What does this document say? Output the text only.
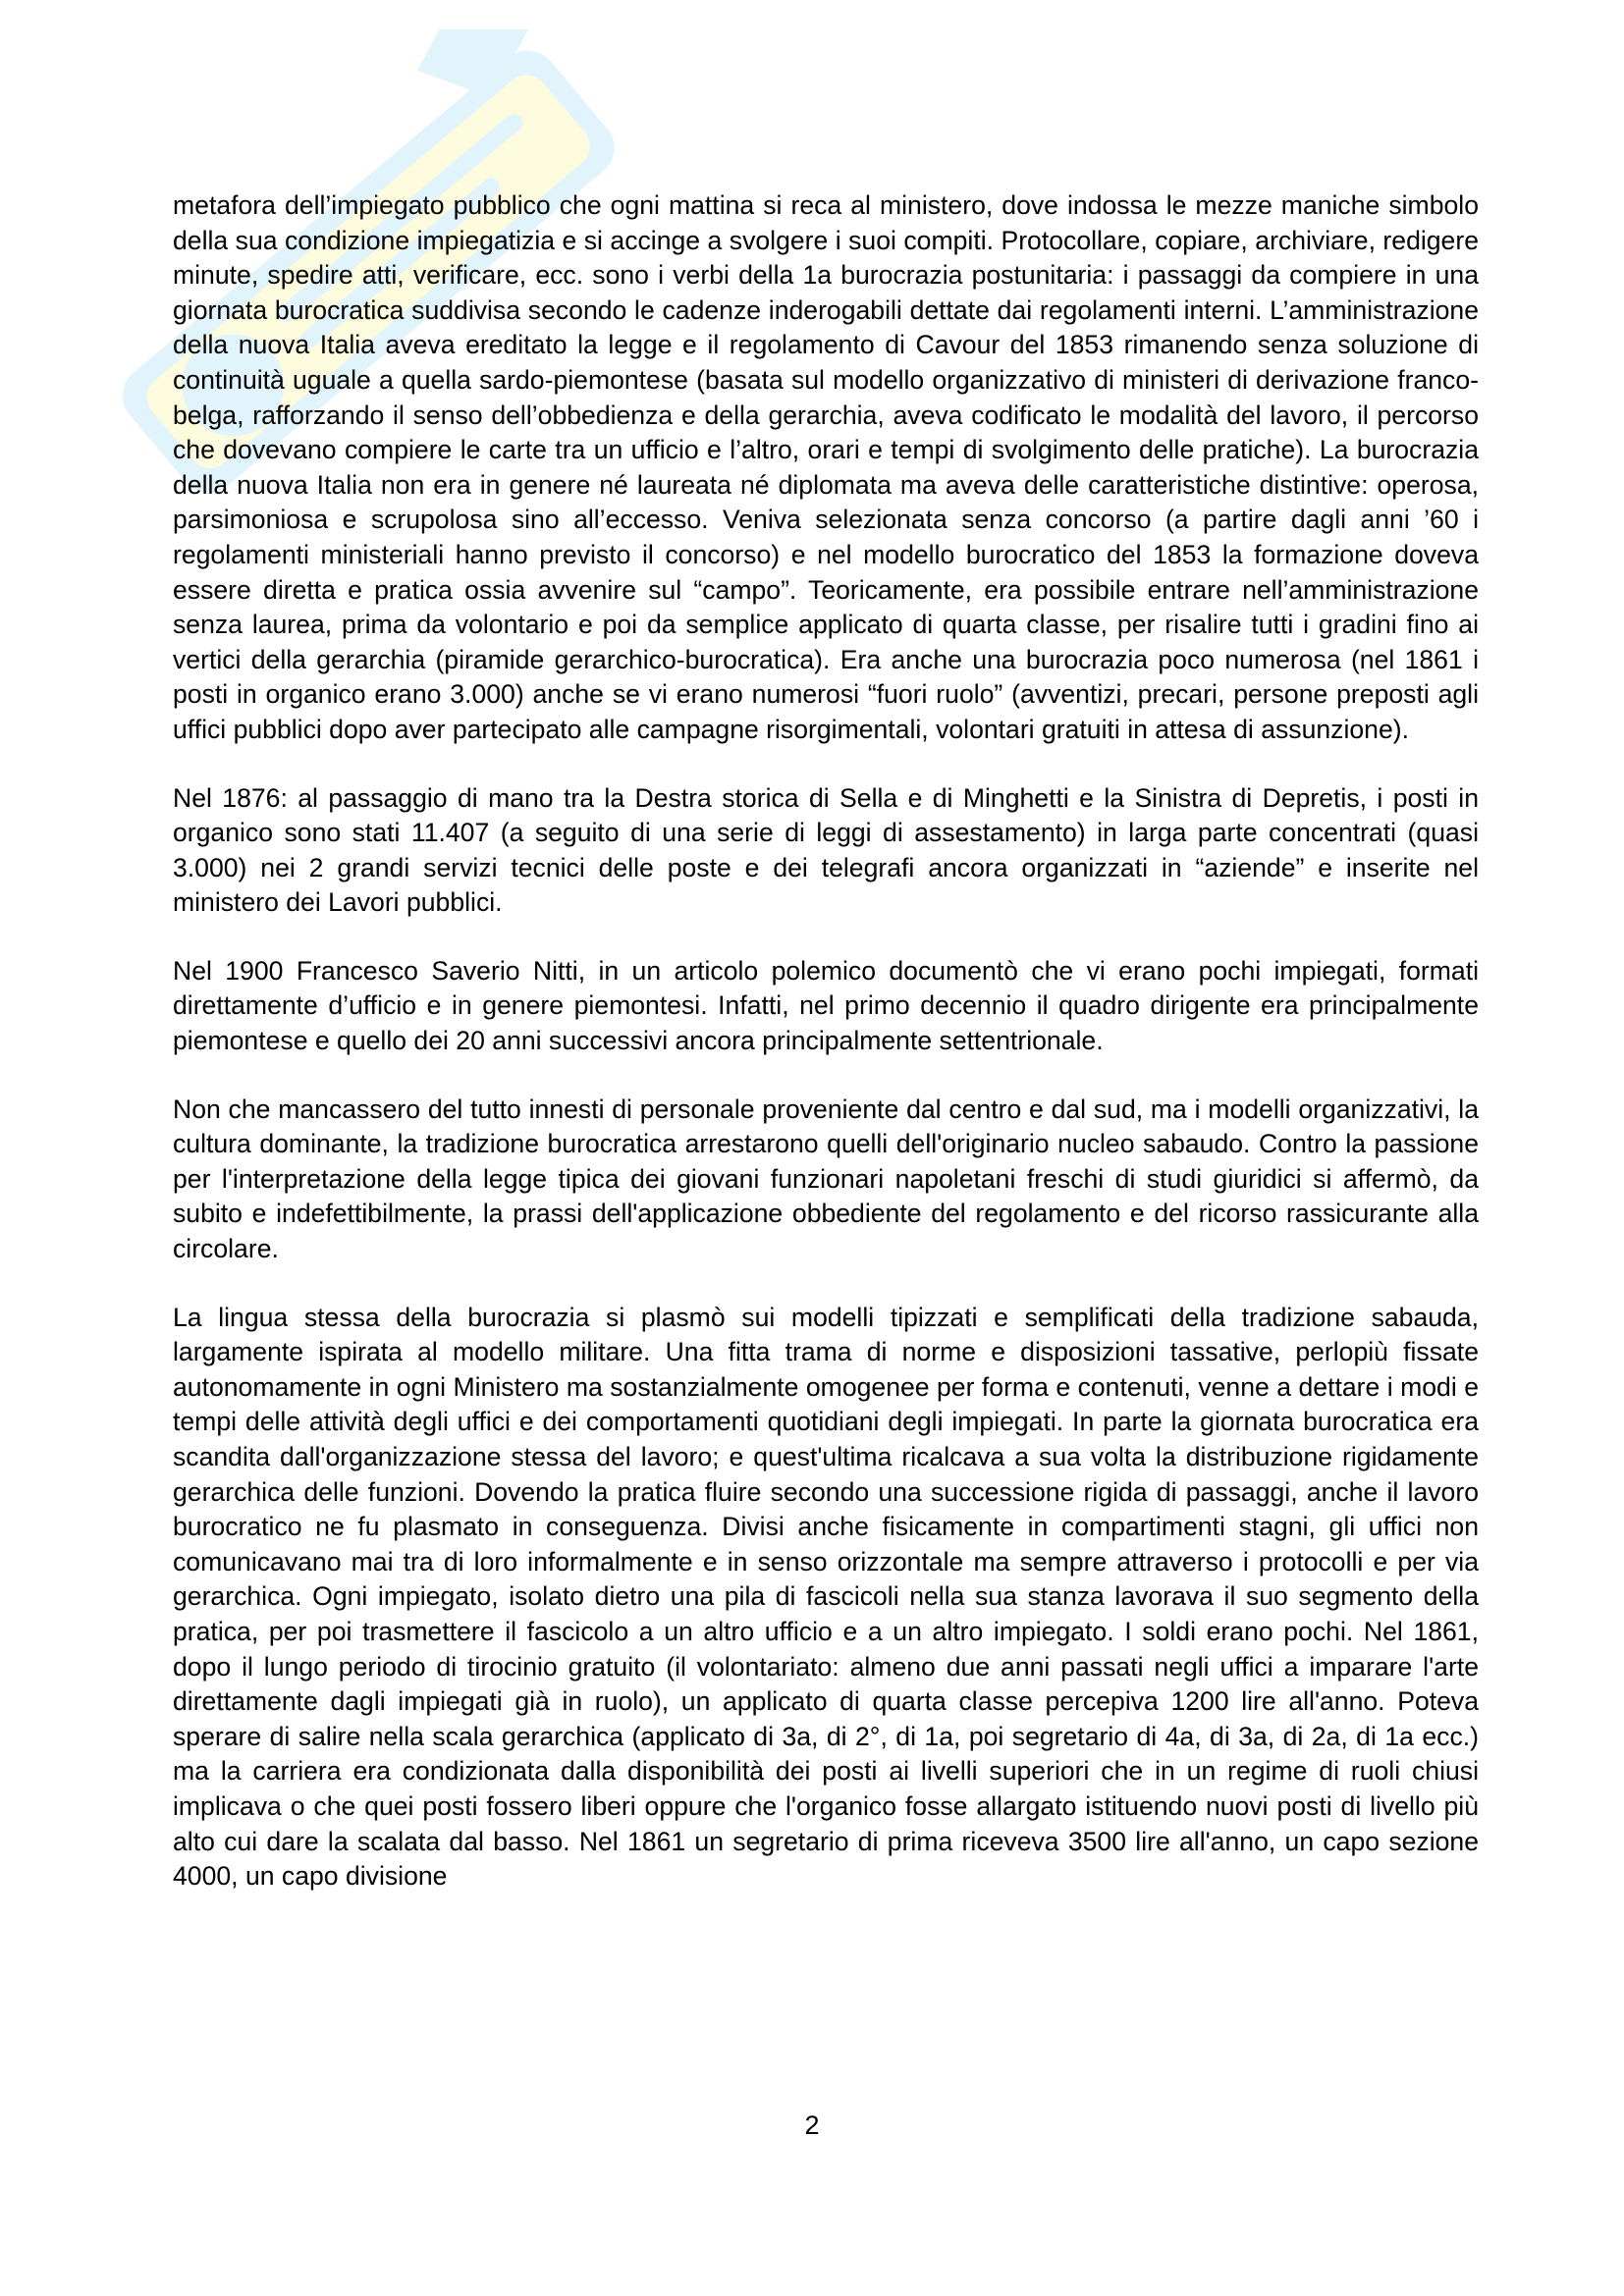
metafora dell’impiegato pubblico che ogni mattina si reca al ministero, dove indossa le mezze maniche simbolo della sua condizione impiegatizia e si accinge a svolgere i suoi compiti. Protocollare, copiare, archiviare, redigere minute, spedire atti, verificare, ecc. sono i verbi della 1a burocrazia postunitaria: i passaggi da compiere in una giornata burocratica suddivisa secondo le cadenze inderogabili dettate dai regolamenti interni. L’amministrazione della nuova Italia aveva ereditato la legge e il regolamento di Cavour del 1853 rimanendo senza soluzione di continuità uguale a quella sardo-piemontese (basata sul modello organizzativo di ministeri di derivazione franco-belga, rafforzando il senso dell’obbedienza e della gerarchia, aveva codificato le modalità del lavoro, il percorso che dovevano compiere le carte tra un ufficio e l’altro, orari e tempi di svolgimento delle pratiche). La burocrazia della nuova Italia non era in genere né laureata né diplomata ma aveva delle caratteristiche distintive: operosa, parsimoniosa e scrupolosa sino all’eccesso. Veniva selezionata senza concorso (a partire dagli anni ’60 i regolamenti ministeriali hanno previsto il concorso) e nel modello burocratico del 1853 la formazione doveva essere diretta e pratica ossia avvenire sul “campo”. Teoricamente, era possibile entrare nell’amministrazione senza laurea, prima da volontario e poi da semplice applicato di quarta classe, per risalire tutti i gradini fino ai vertici della gerarchia (piramide gerarchico-burocratica). Era anche una burocrazia poco numerosa (nel 1861 i posti in organico erano 3.000) anche se vi erano numerosi “fuori ruolo” (avventizi, precari, persone preposti agli uffici pubblici dopo aver partecipato alle campagne risorgimentali, volontari gratuiti in attesa di assunzione).

Nel 1876: al passaggio di mano tra la Destra storica di Sella e di Minghetti e la Sinistra di Depretis, i posti in organico sono stati 11.407 (a seguito di una serie di leggi di assestamento) in larga parte concentrati (quasi 3.000) nei 2 grandi servizi tecnici delle poste e dei telegrafi ancora organizzati in “aziende” e inserite nel ministero dei Lavori pubblici.

Nel 1900 Francesco Saverio Nitti, in un articolo polemico documentò che vi erano pochi impiegati, formati direttamente d’ufficio e in genere piemontesi. Infatti, nel primo decennio il quadro dirigente era principalmente piemontese e quello dei 20 anni successivi ancora principalmente settentrionale.

Non che mancassero del tutto innesti di personale proveniente dal centro e dal sud, ma i modelli organizzativi, la cultura dominante, la tradizione burocratica arrestarono quelli dell'originario nucleo sabaudo. Contro la passione per l'interpretazione della legge tipica dei giovani funzionari napoletani freschi di studi giuridici si affermò, da subito e indefettibilmente, la prassi dell'applicazione obbediente del regolamento e del ricorso rassicurante alla circolare.

La lingua stessa della burocrazia si plasmò sui modelli tipizzati e semplificati della tradizione sabauda, largamente ispirata al modello militare. Una fitta trama di norme e disposizioni tassative, perlopiù fissate autonomamente in ogni Ministero ma sostanzialmente omogenee per forma e contenuti, venne a dettare i modi e tempi delle attività degli uffici e dei comportamenti quotidiani degli impiegati. In parte la giornata burocratica era scandita dall'organizzazione stessa del lavoro; e quest'ultima ricalcava a sua volta la distribuzione rigidamente gerarchica delle funzioni. Dovendo la pratica fluire secondo una successione rigida di passaggi, anche il lavoro burocratico ne fu plasmato in conseguenza. Divisi anche fisicamente in compartimenti stagni, gli uffici non comunicavano mai tra di loro informalmente e in senso orizzontale ma sempre attraverso i protocolli e per via gerarchica. Ogni impiegato, isolato dietro una pila di fascicoli nella sua stanza lavorava il suo segmento della pratica, per poi trasmettere il fascicolo a un altro ufficio e a un altro impiegato. I soldi erano pochi. Nel 1861, dopo il lungo periodo di tirocinio gratuito (il volontariato: almeno due anni passati negli uffici a imparare l'arte direttamente dagli impiegati già in ruolo), un applicato di quarta classe percepiva 1200 lire all'anno. Poteva sperare di salire nella scala gerarchica (applicato di 3a, di 2°, di 1a, poi segretario di 4a, di 3a, di 2a, di 1a ecc.) ma la carriera era condizionata dalla disponibilità dei posti ai livelli superiori che in un regime di ruoli chiusi implicava o che quei posti fossero liberi oppure che l'organico fosse allargato istituendo nuovi posti di livello più alto cui dare la scalata dal basso. Nel 1861 un segretario di prima riceveva 3500 lire all'anno, un capo sezione 4000, un capo divisione

2
